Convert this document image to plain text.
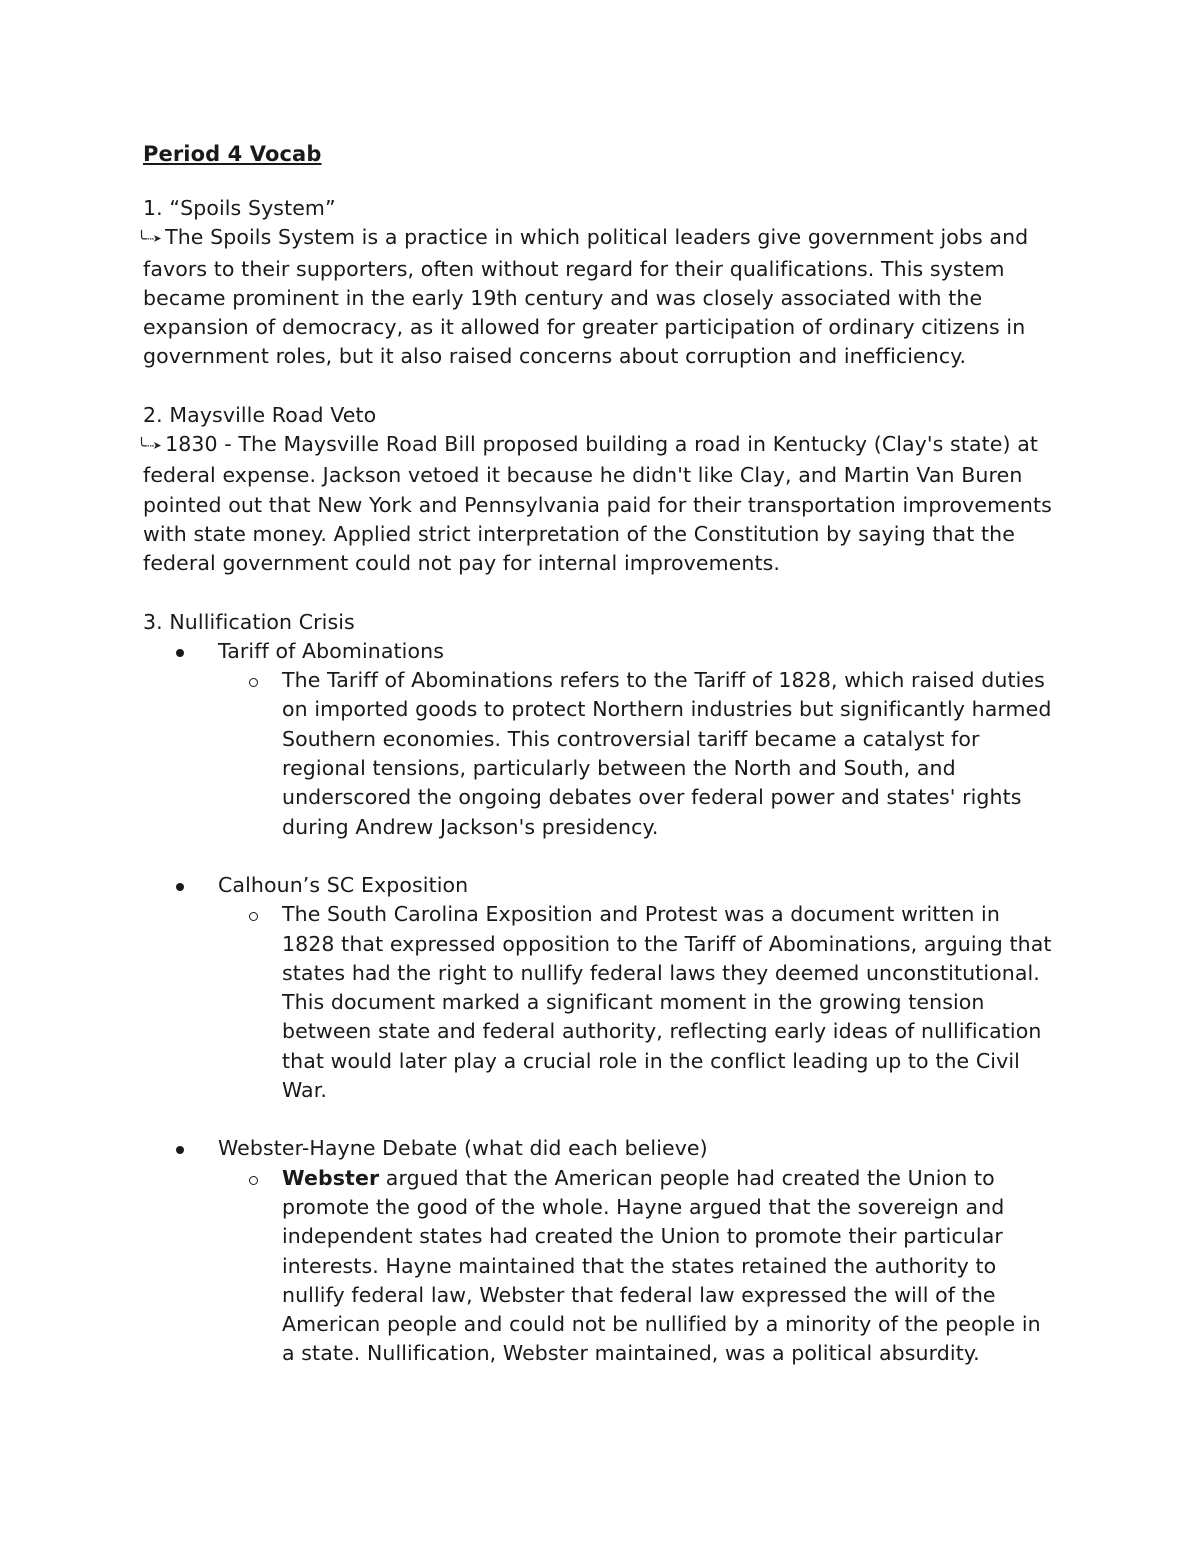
Period 4 Vocab
1. “Spoils System”
╰┈➤ The Spoils System is a practice in which political leaders give government jobs and favors to their supporters, often without regard for their qualifications. This system became prominent in the early 19th century and was closely associated with the expansion of democracy, as it allowed for greater participation of ordinary citizens in government roles, but it also raised concerns about corruption and inefficiency.
2. Maysville Road Veto
╰┈➤ 1830 - The Maysville Road Bill proposed building a road in Kentucky (Clay's state) at federal expense. Jackson vetoed it because he didn't like Clay, and Martin Van Buren pointed out that New York and Pennsylvania paid for their transportation improvements with state money. Applied strict interpretation of the Constitution by saying that the federal government could not pay for internal improvements.
3. Nullification Crisis
Tariff of Abominations
The Tariff of Abominations refers to the Tariff of 1828, which raised duties on imported goods to protect Northern industries but significantly harmed Southern economies. This controversial tariff became a catalyst for regional tensions, particularly between the North and South, and underscored the ongoing debates over federal power and states' rights during Andrew Jackson's presidency.
Calhoun’s SC Exposition
The South Carolina Exposition and Protest was a document written in 1828 that expressed opposition to the Tariff of Abominations, arguing that states had the right to nullify federal laws they deemed unconstitutional. This document marked a significant moment in the growing tension between state and federal authority, reflecting early ideas of nullification that would later play a crucial role in the conflict leading up to the Civil War.
Webster-Hayne Debate (what did each believe)
Webster argued that the American people had created the Union to promote the good of the whole. Hayne argued that the sovereign and independent states had created the Union to promote their particular interests. Hayne maintained that the states retained the authority to nullify federal law, Webster that federal law expressed the will of the American people and could not be nullified by a minority of the people in a state. Nullification, Webster maintained, was a political absurdity.
